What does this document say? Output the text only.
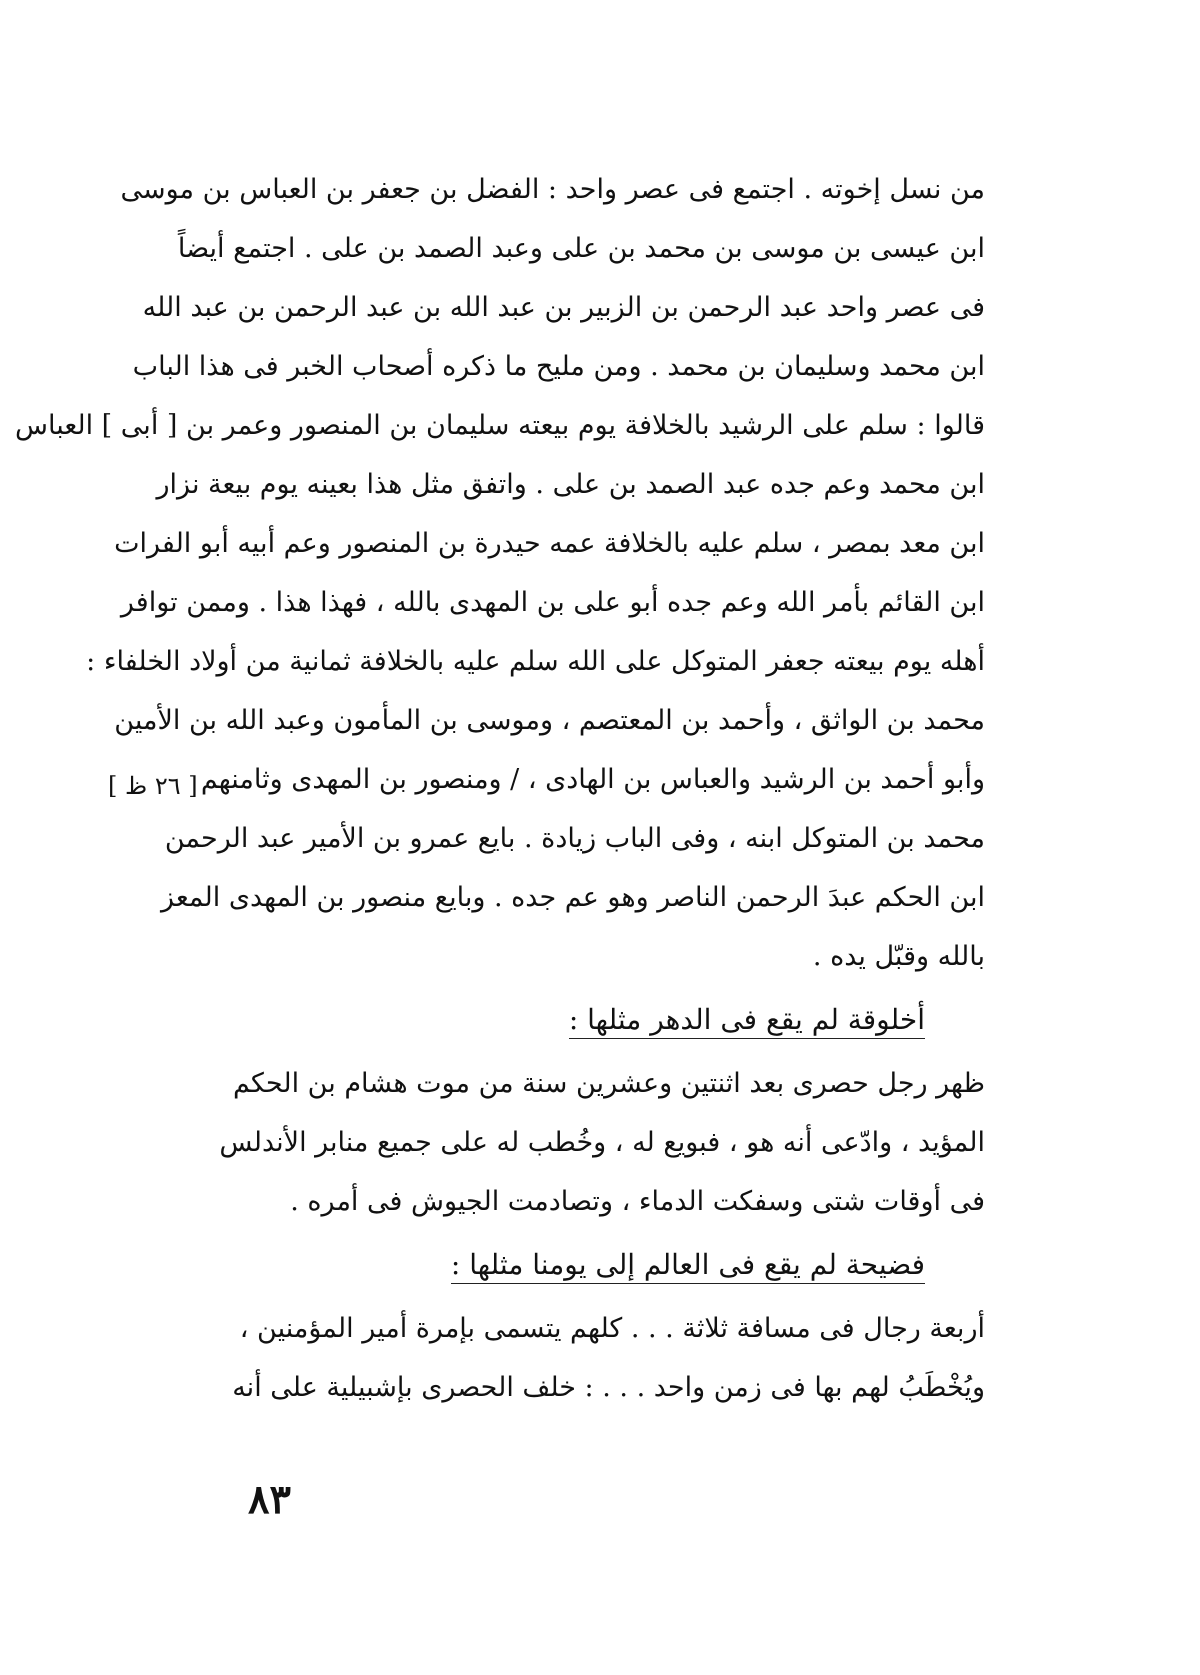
[ ٢٦ ظ ]
من نسل إخوته . اجتمع فى عصر واحد : الفضل بن جعفر بن العباس بن موسى
ابن عيسى بن موسى بن محمد بن على وعبد الصمد بن على . اجتمع أيضاً
فى عصر واحد عبد الرحمن بن الزبير بن عبد الله بن عبد الرحمن بن عبد الله
ابن محمد وسليمان بن محمد . ومن مليح ما ذكره أصحاب الخبر فى هذا الباب
قالوا : سلم على الرشيد بالخلافة يوم بيعته سليمان بن المنصور وعمر بن [ أبى ] العباس
ابن محمد وعم جده عبد الصمد بن على . واتفق مثل هذا بعينه يوم بيعة نزار
ابن معد بمصر ، سلم عليه بالخلافة عمه حيدرة بن المنصور وعم أبيه أبو الفرات
ابن القائم بأمر الله وعم جده أبو على بن المهدى بالله ، فهذا هذا . وممن توافر
أهله يوم بيعته جعفر المتوكل على الله سلم عليه بالخلافة ثمانية من أولاد الخلفاء :
محمد بن الواثق ، وأحمد بن المعتصم ، وموسى بن المأمون وعبد الله بن الأمين
وأبو أحمد بن الرشيد والعباس بن الهادى ، / ومنصور بن المهدى وثامنهم
محمد بن المتوكل ابنه ، وفى الباب زيادة . بايع عمرو بن الأمير عبد الرحمن
ابن الحكم عبدَ الرحمن الناصر وهو عم جده . وبايع منصور بن المهدى المعز
بالله وقبّل يده .
أخلوقة لم يقع فى الدهر مثلها :
ظهر رجل حصرى بعد اثنتين وعشرين سنة من موت هشام بن الحكم
المؤيد ، وادّعى أنه هو ، فبويع له ، وخُطب له على جميع منابر الأندلس
فى أوقات شتى وسفكت الدماء ، وتصادمت الجيوش فى أمره .
فضيحة لم يقع فى العالم إلى يومنا مثلها :
أربعة رجال فى مسافة ثلاثة . . . كلهم يتسمى بإمرة أمير المؤمنين ،
ويُخْطَبُ لهم بها فى زمن واحد . . . : خلف الحصرى بإشبيلية على أنه
٨٣
